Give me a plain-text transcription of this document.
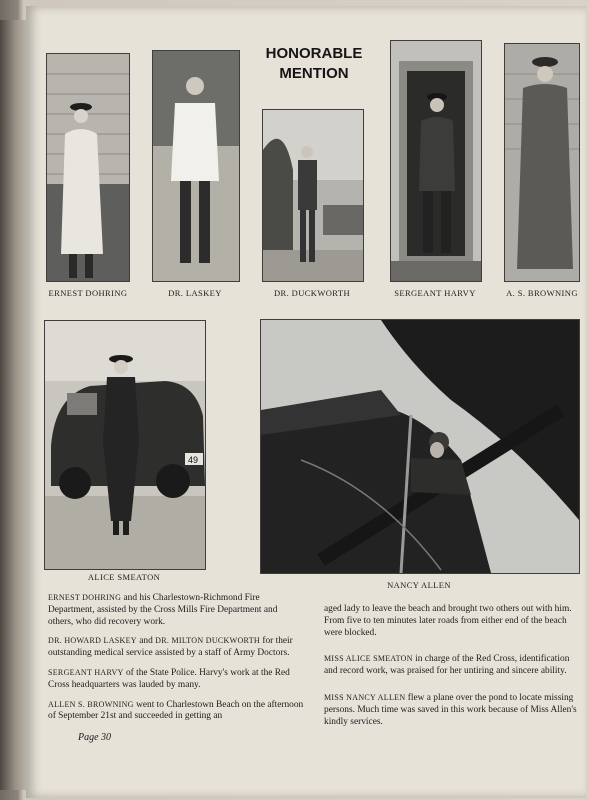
ERNEST DOHRING	DR. LASKEY	DR. DUCKWORTH
HONORABLE
MENTION
SERGEANT HARVY	A. S. BROWNING
49
ALICE SMEATON
NANCY ALLEN

ERNEST DOHRING and his Charlestown-Richmond Fire Department, assisted by the Cross Mills Fire Department and others, who did recovery work.

DR. HOWARD LASKEY and DR. MILTON DUCKWORTH for their outstanding medical service assisted by a staff of Army Doctors.

SERGEANT HARVY of the State Police. Harvy's work at the Red Cross headquarters was lauded by many.

ALLEN S. BROWNING went to Charlestown Beach on the afternoon of September 21st and succeeded in getting an

aged lady to leave the beach and brought two others out with him. From five to ten minutes later roads from either end of the beach were blocked.

MISS ALICE SMEATON in charge of the Red Cross, identification and record work, was praised for her untiring and sincere ability.

MISS NANCY ALLEN flew a plane over the pond to locate missing persons. Much time was saved in this work because of Miss Allen's kindly services.

Page 30
